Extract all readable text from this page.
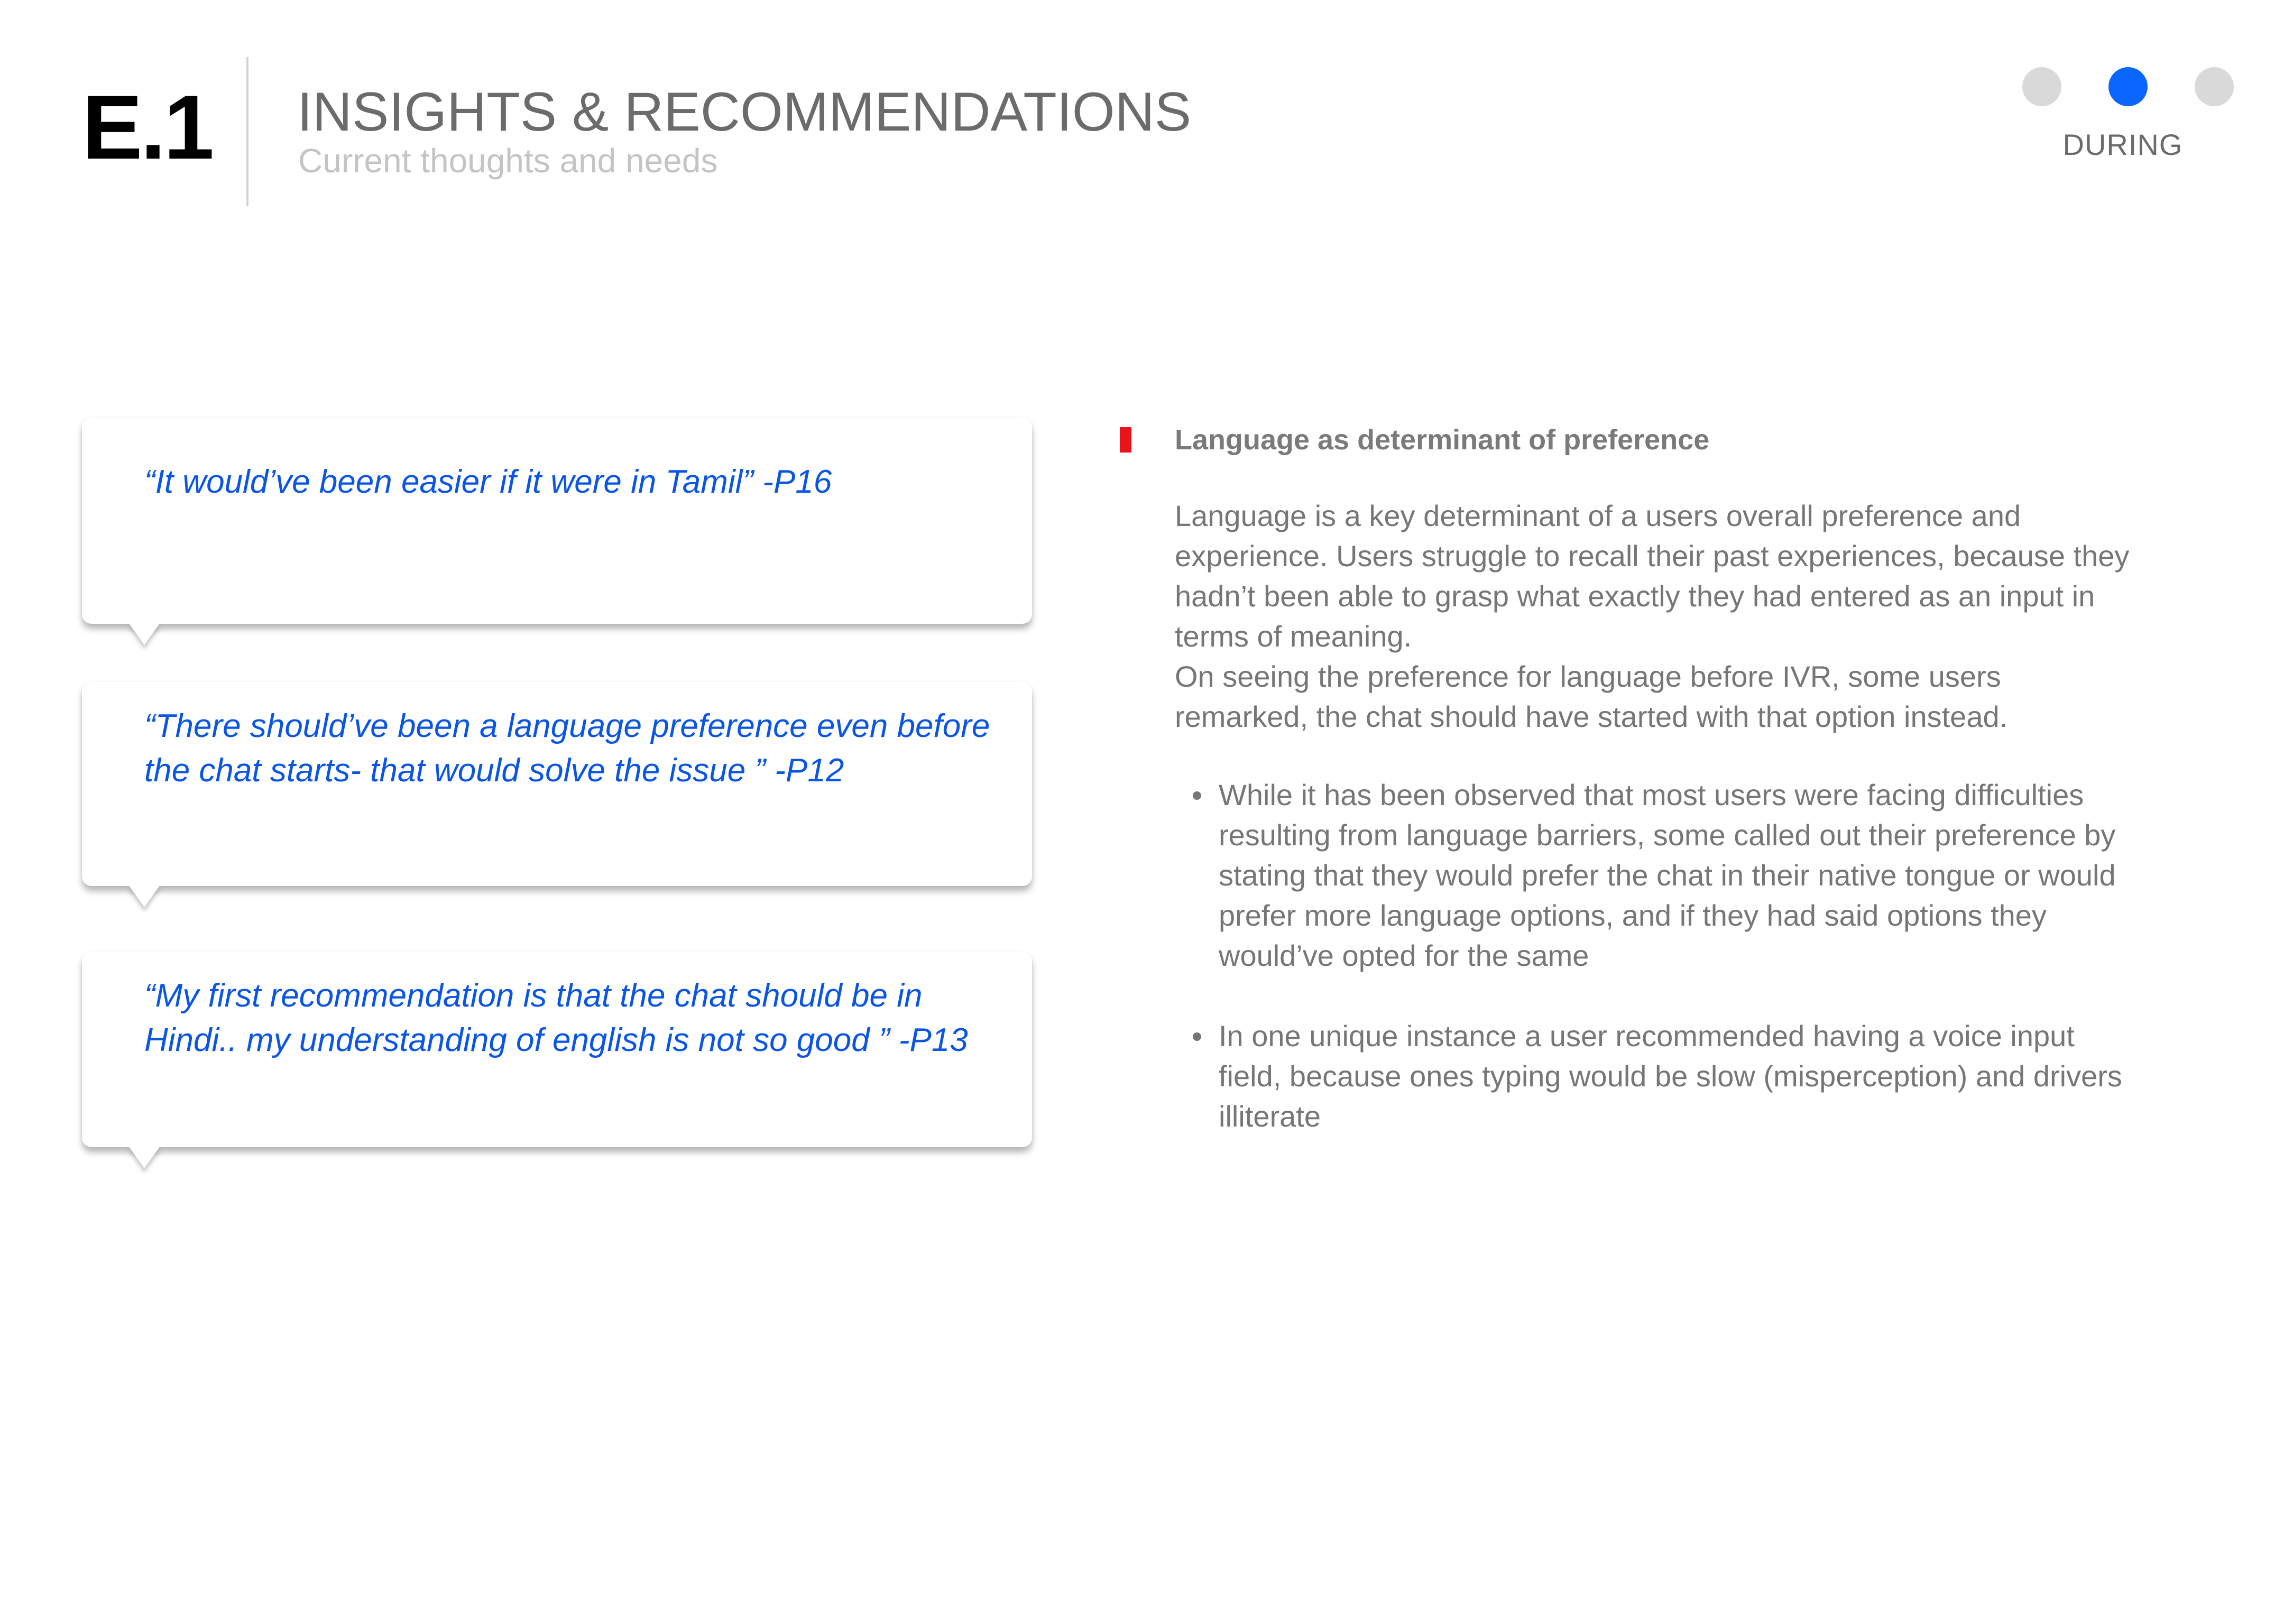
E.1 INSIGHTS & RECOMMENDATIONS
Current thoughts and needs	DURING

“It would’ve been easier if it were in Tamil” -P16

“There should’ve been a language preference even before the chat starts- that would solve the issue ” -P12

“My first recommendation is that the chat should be in Hindi.. my understanding of english is not so good ” -P13

Language as determinant of preference

Language is a key determinant of a users overall preference and experience. Users struggle to recall their past experiences, because they hadn’t been able to grasp what exactly they had entered as an input in terms of meaning.

On seeing the preference for language before IVR, some users remarked, the chat should have started with that option instead.

While it has been observed that most users were facing difficulties resulting from language barriers, some called out their preference by stating that they would prefer the chat in their native tongue or would prefer more language options, and if they had said options they would’ve opted for the same
In one unique instance a user recommended having a voice input field, because ones typing would be slow (misperception) and drivers illiterate
